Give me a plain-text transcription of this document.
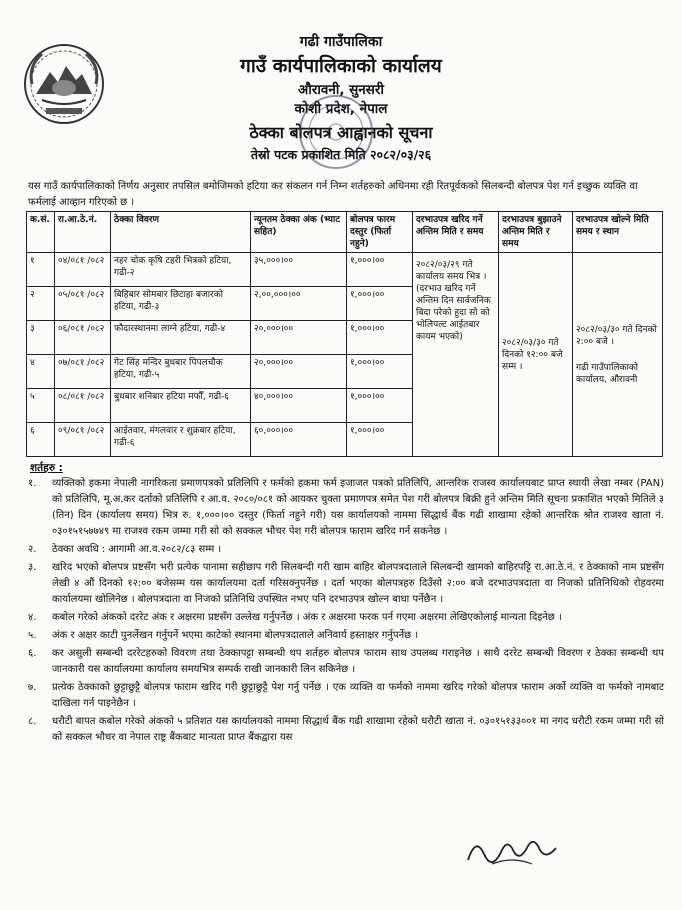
गढी गाउँपालिका
गाउँ कार्यपालिकाको कार्यालय
औरावनी, सुनसरी
कोशी प्रदेश, नेपाल
ठेक्का बोलपत्र आह्वानको सूचना
तेस्रो पटक प्रकाशित मिति २०८२/०३/२६
यस गाउँ कार्यपालिकाको निर्णय अनुसार तपसिल बमोजिमको हटिया कर संकलन गर्न निम्न शर्तहरुको अधिनमा रही रितपूर्वकको सिलबन्दी बोलपत्र पेश गर्न इच्छुक व्यक्ति वा फर्मलाई आव्हान गरिएको छ ।
क.सं.	रा.आ.ठे.नं.	ठेक्का विवरण	न्यूनतम ठेक्का अंक (भ्याट सहित)	बोलपत्र फारम दस्तुर (फिर्ता नहुने)	दरभाउपत्र खरिद गर्ने अन्तिम मिति र समय	दरभाउपत्र बुझाउने अन्तिम मिति र समय	दरभाउपत्र खोल्ने मिति समय र स्थान
१	०४/०८१ /०८२	नहर चोक कृषि टहरी भित्रको हटिया, गढी-२	३५,०००।००	१,०००।००	२०८२/०३/२९ गते कार्यालय समय भित्र । (दरभाउ खरिद गर्ने अन्तिम दिन सार्वजनिक बिदा परेको हुदा सो को भोलिपल्ट आईतबार कायम भएको)	२०८२/०३/३० गते दिनको १२:०० बजे सम्म ।	२०८२/०३/३० गते दिनको २:०० बजे ।
गढी गाउँपालिकाको कार्यालय, औरावनी

२	०५/०८१ /०८२	बिहिबार सोमबार छिटाहा बजारको हटिया, गढी-३	२,००,०००।००	१,०००।००			
३	०६/०८१ /०८२	फौदारस्थानमा लाग्ने हटिया, गढी-४	२०,०००।००	१,०००।००			
४	०७/०८१ /०८२	गेट सिंह मन्दिर बुधबार पिपलचौक हटिया, गढी-५	२०,०००।००	१,०००।००			
५	०८/०८१ /०८२	बुधबार शनिबार हटिया मफौँ, गढी-६	४०,०००।००	१,०००।००			
६	०९/०८१ /०८२	आईतवार, मंगलवार र शुक्रबार हटिया, गढी-६	६०,०००।००	१,०००।००			
शर्तहरु :
१.	व्यक्तिको हकमा नेपाली नागरिकता प्रमाणपत्रको प्रतिलिपि र फर्मको हकमा फर्म इजाजत पत्रको प्रतिलिपि, आन्तरिक राजस्व कार्यालयबाट प्राप्त स्थायी लेखा नम्बर (PAN) को प्रतिलिपि, मू.अ.कर दर्ताको प्रतिलिपि र आ.व. २०८०/०८१ को आयकर चुक्ता प्रमाणपत्र समेत पेश गरी बोलपत्र बिक्री हुने अन्तिम मिति सूचना प्रकाशित भएको मितिले ३ (तिन) दिन (कार्यालय समय) भित्र रु. १,०००।०० दस्तुर (फिर्ता नहुने गरी) यस कार्यालयको नाममा सिद्धार्थ बैंक गढी शाखामा रहेको आन्तरिक श्रोत राजश्व खाता नं. ०३०१५१५७७४९ मा राजश्व रकम जम्मा गरी सो को सक्कल भौचर पेश गरी बोलपत्र फाराम खरिद गर्न सकनेछ ।
२.	ठेक्का अवधि : आगामी आ.व.२०८२/८३ सम्म ।
३.	खरिद भएको बोलपत्र प्रष्टसँग भरी प्रत्येक पानामा सहीछाप गरी सिलबन्दी गरी खाम बाहिर बोलपत्रदाताले सिलबन्दी खामको बाहिरपट्टि रा.आ.ठे.नं. र ठेक्काको नाम प्रष्टसँग लेखी ४ औं दिनको १२:०० बजेसम्म यस कार्यालयमा दर्ता गरिसक्नुपर्नेछ । दर्ता भएका बोलपत्रहरु दिउँसो २:०० बजे दरभाउपत्रदाता वा निजको प्रतिनिधिको रोहवरमा कार्यालयमा खोलिनेछ । बोलपत्रदाता वा निजको प्रतिनिधि उपस्थित नभए पनि दरभाउपत्र खोल्न बाधा पर्नेछैन ।
४.	कबोल गरेको अंकको दररेट अंक र अक्षरमा प्रष्टसँग उल्लेख गर्नुपर्नेछ । अंक र अक्षरमा फरक पर्न गएमा अक्षरमा लेखिएकोलाई मान्यता दिइनेछ ।
५.	अंक र अक्षर काटी पुनर्लेखन गर्नुपर्ने भएमा काटेको स्थानमा बोलपत्रदाताले अनिवार्य हस्ताक्षर गर्नुपर्नेछ ।
६.	कर असुली सम्बन्धी दररेटहरुको विवरण तथा ठेक्कापट्टा सम्बन्धी थप शर्तहरु बोलपत्र फाराम साथ उपलब्ध गराइनेछ । साथै दररेट सम्बन्धी विवरण र ठेक्का सम्बन्धी थप जानकारी यस कार्यालयमा कार्यालय समयभित्र सम्पर्क राखी जानकारी लिन सकिनेछ ।
७.	प्रत्येक ठेक्काको छुट्टाछुट्टै बोलपत्र फाराम खरिद गरी छुट्टाछुट्टै पेश गर्नु पर्नेछ । एक व्यक्ति वा फर्मको नाममा खरिद गरेको बोलपत्र फाराम अर्को व्यक्ति वा फर्मको नामबाट दाखिला गर्न पाइनेछैन ।
८.	धरौटी बापत कबोल गरेको अंकको ५ प्रतिशत यस कार्यालयको नाममा सिद्धार्थ बैंक गढी शाखामा रहेको धरौटी खाता नं. ०३०१५१३३००१ मा नगद धरौटी रकम जम्मा गरी सो को सक्कल भौचर वा नेपाल राष्ट्र बैंकबाट मान्यता प्राप्त बैंकद्वारा यस
